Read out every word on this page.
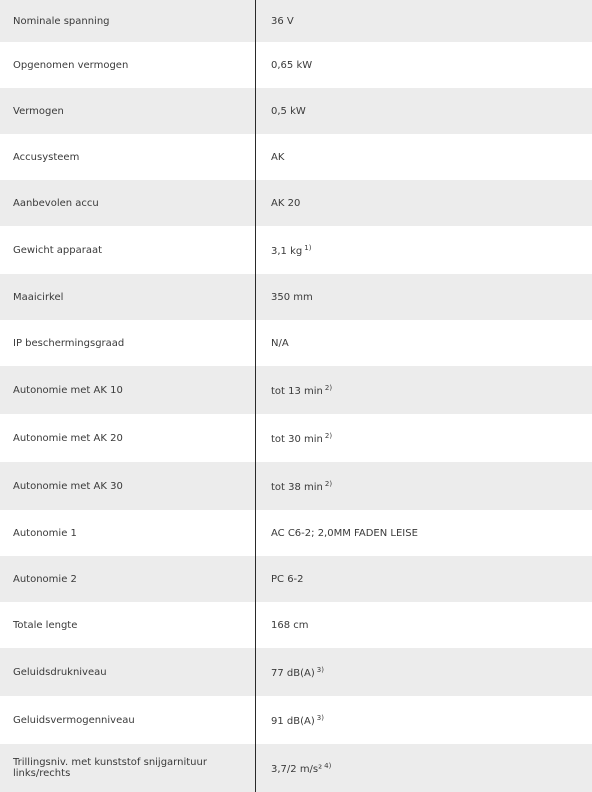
Nominale spanning	36 V
Opgenomen vermogen	0,65 kW
Vermogen	0,5 kW
Accusysteem	AK
Aanbevolen accu	AK 20
Gewicht apparaat	3,1 kg $^{1)}$
Maaicirkel	350 mm
IP beschermingsgraad	N/A
Autonomie met AK 10	tot 13 min $^{2)}$
Autonomie met AK 20	tot 30 min $^{2)}$
Autonomie met AK 30	tot 38 min $^{2)}$
Autonomie 1	AC C6-2; 2,0MM FADEN LEISE
Autonomie 2	PC 6-2
Totale lengte	168 cm
Geluidsdrukniveau	77 dB(A) $^{3)}$
Geluidsvermogenniveau	91 dB(A) $^{3)}$
Trillingsniv. met kunststof snijgarnituur links/rechts	3,7/2 m/s² $^{4)}$
